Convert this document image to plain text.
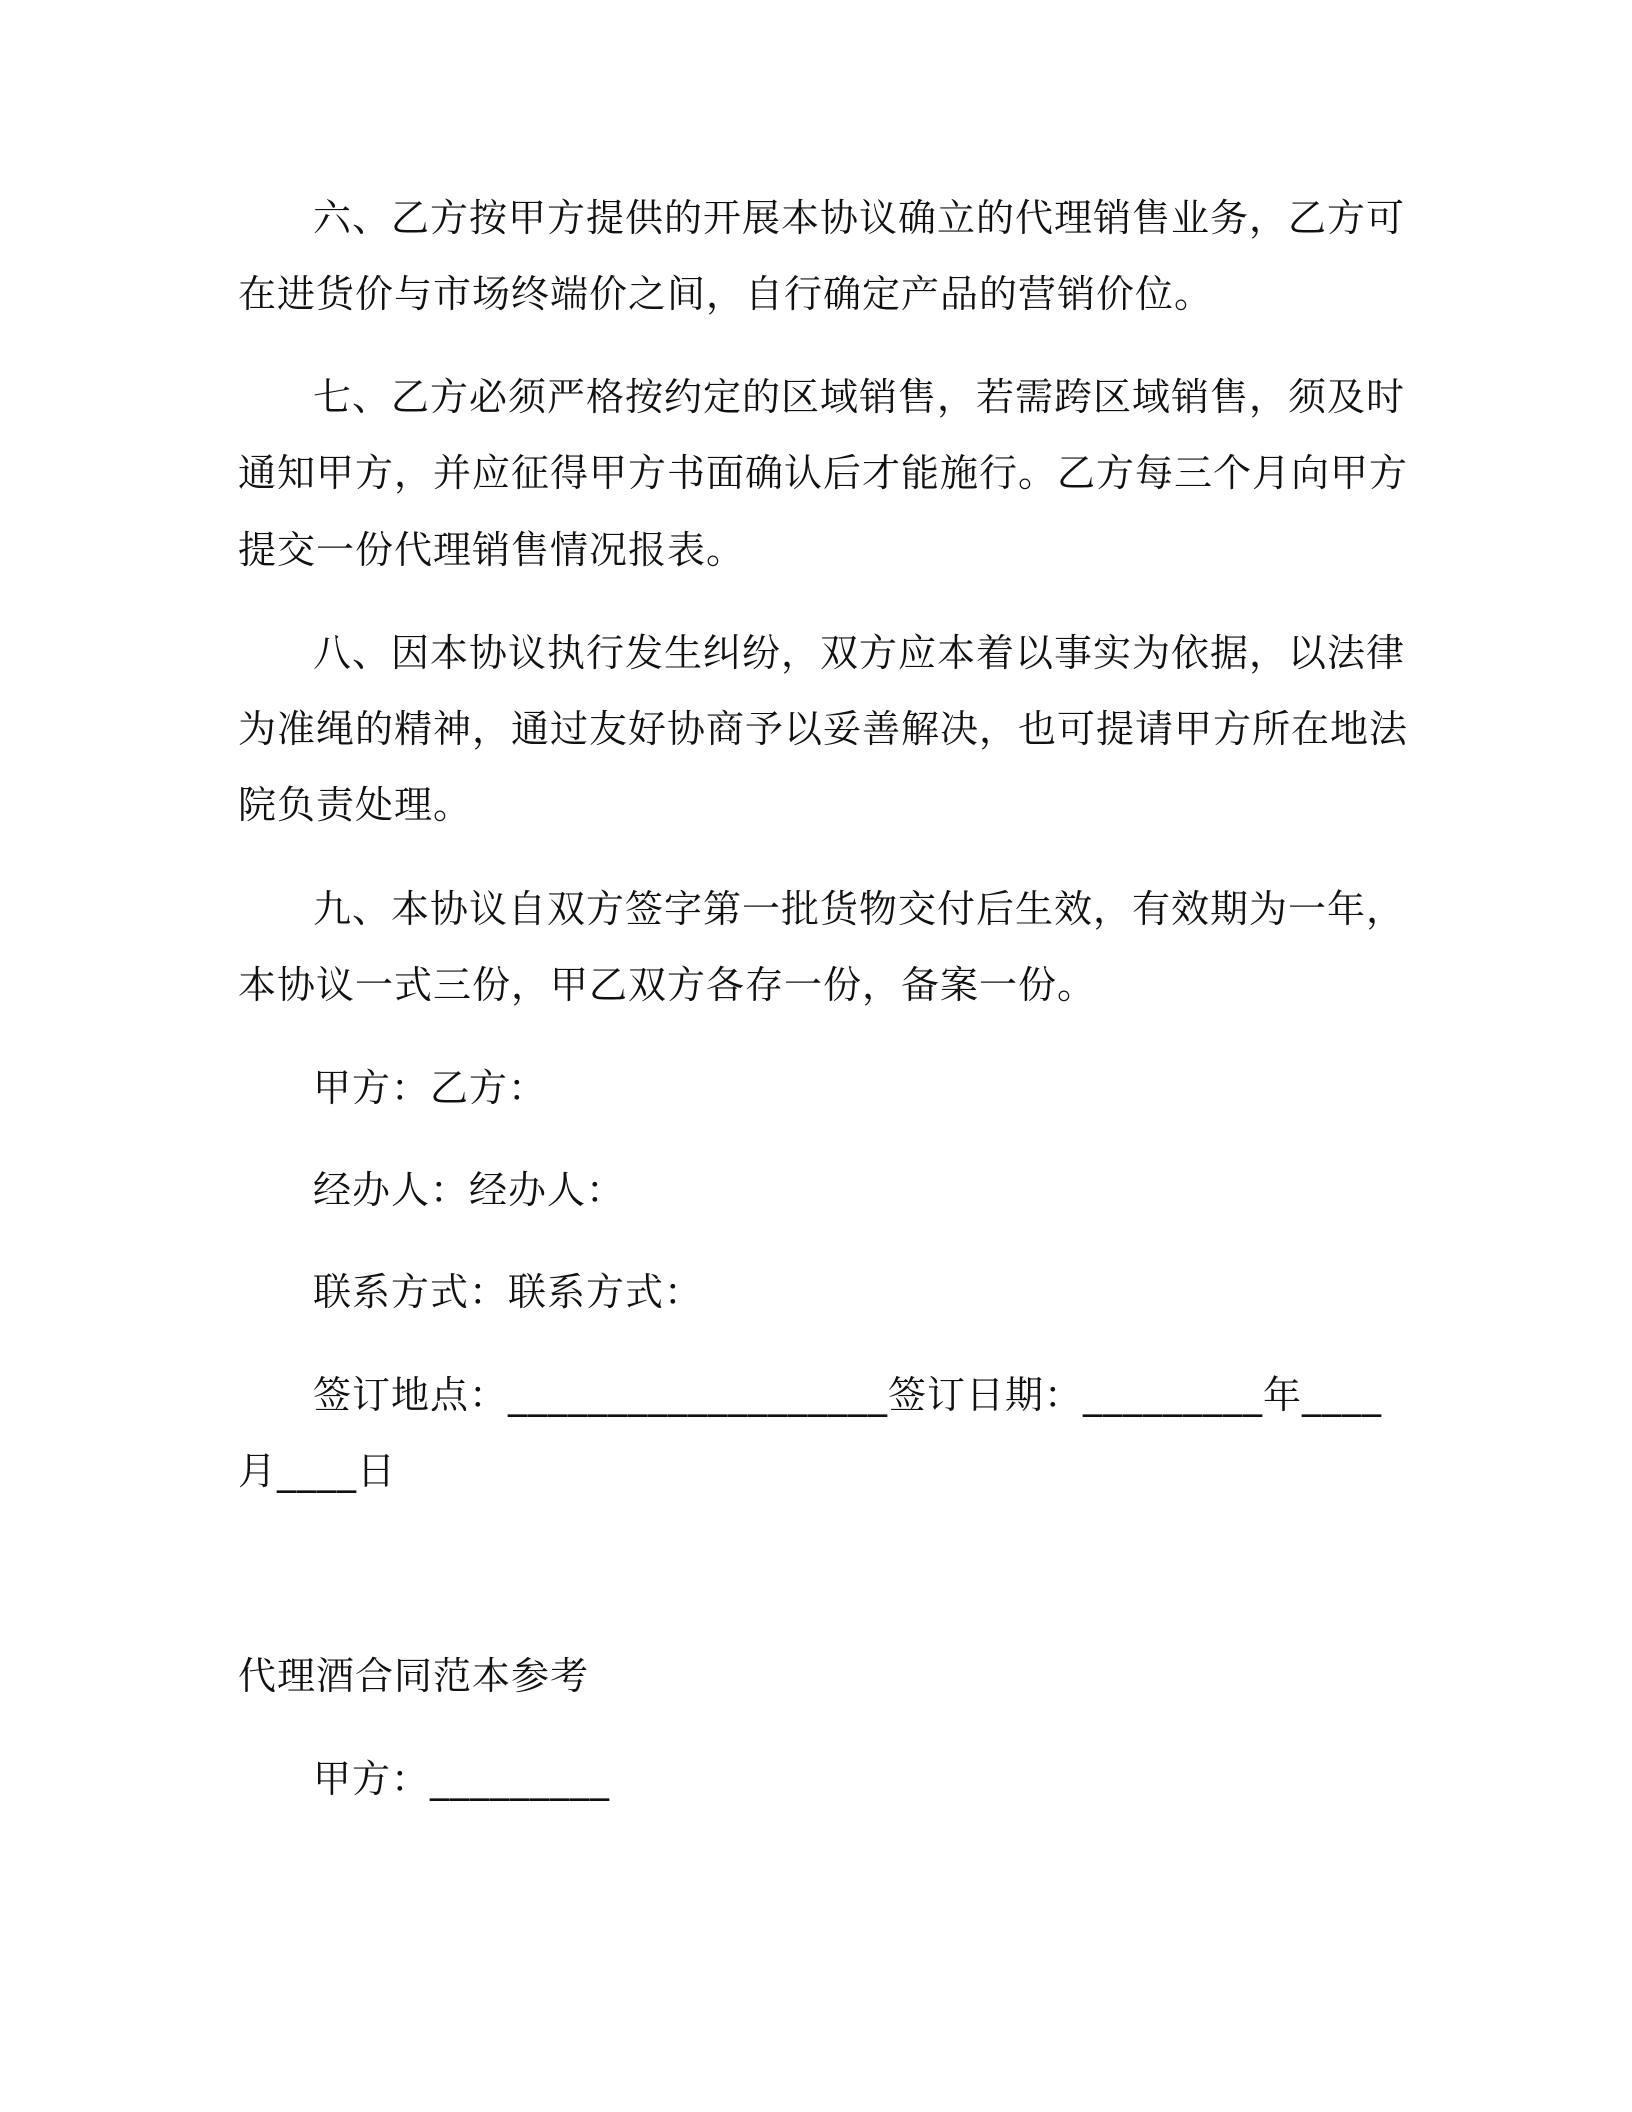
六、乙方按甲方提供的开展本协议确立的代理销售业务，乙方可
在进货价与市场终端价之间，自行确定产品的营销价位。
七、乙方必须严格按约定的区域销售，若需跨区域销售，须及时
通知甲方，并应征得甲方书面确认后才能施行。乙方每三个月向甲方
提交一份代理销售情况报表。
八、因本协议执行发生纠纷，双方应本着以事实为依据，以法律
为准绳的精神，通过友好协商予以妥善解决，也可提请甲方所在地法
院负责处理。
九、本协议自双方签字第一批货物交付后生效，有效期为一年，
本协议一式三份，甲乙双方各存一份，备案一份。
甲方：乙方：
经办人：经办人：
联系方式：联系方式：
签订地点：___________________签订日期：_________年____
月____日
代理酒合同范本参考
甲方：_________
